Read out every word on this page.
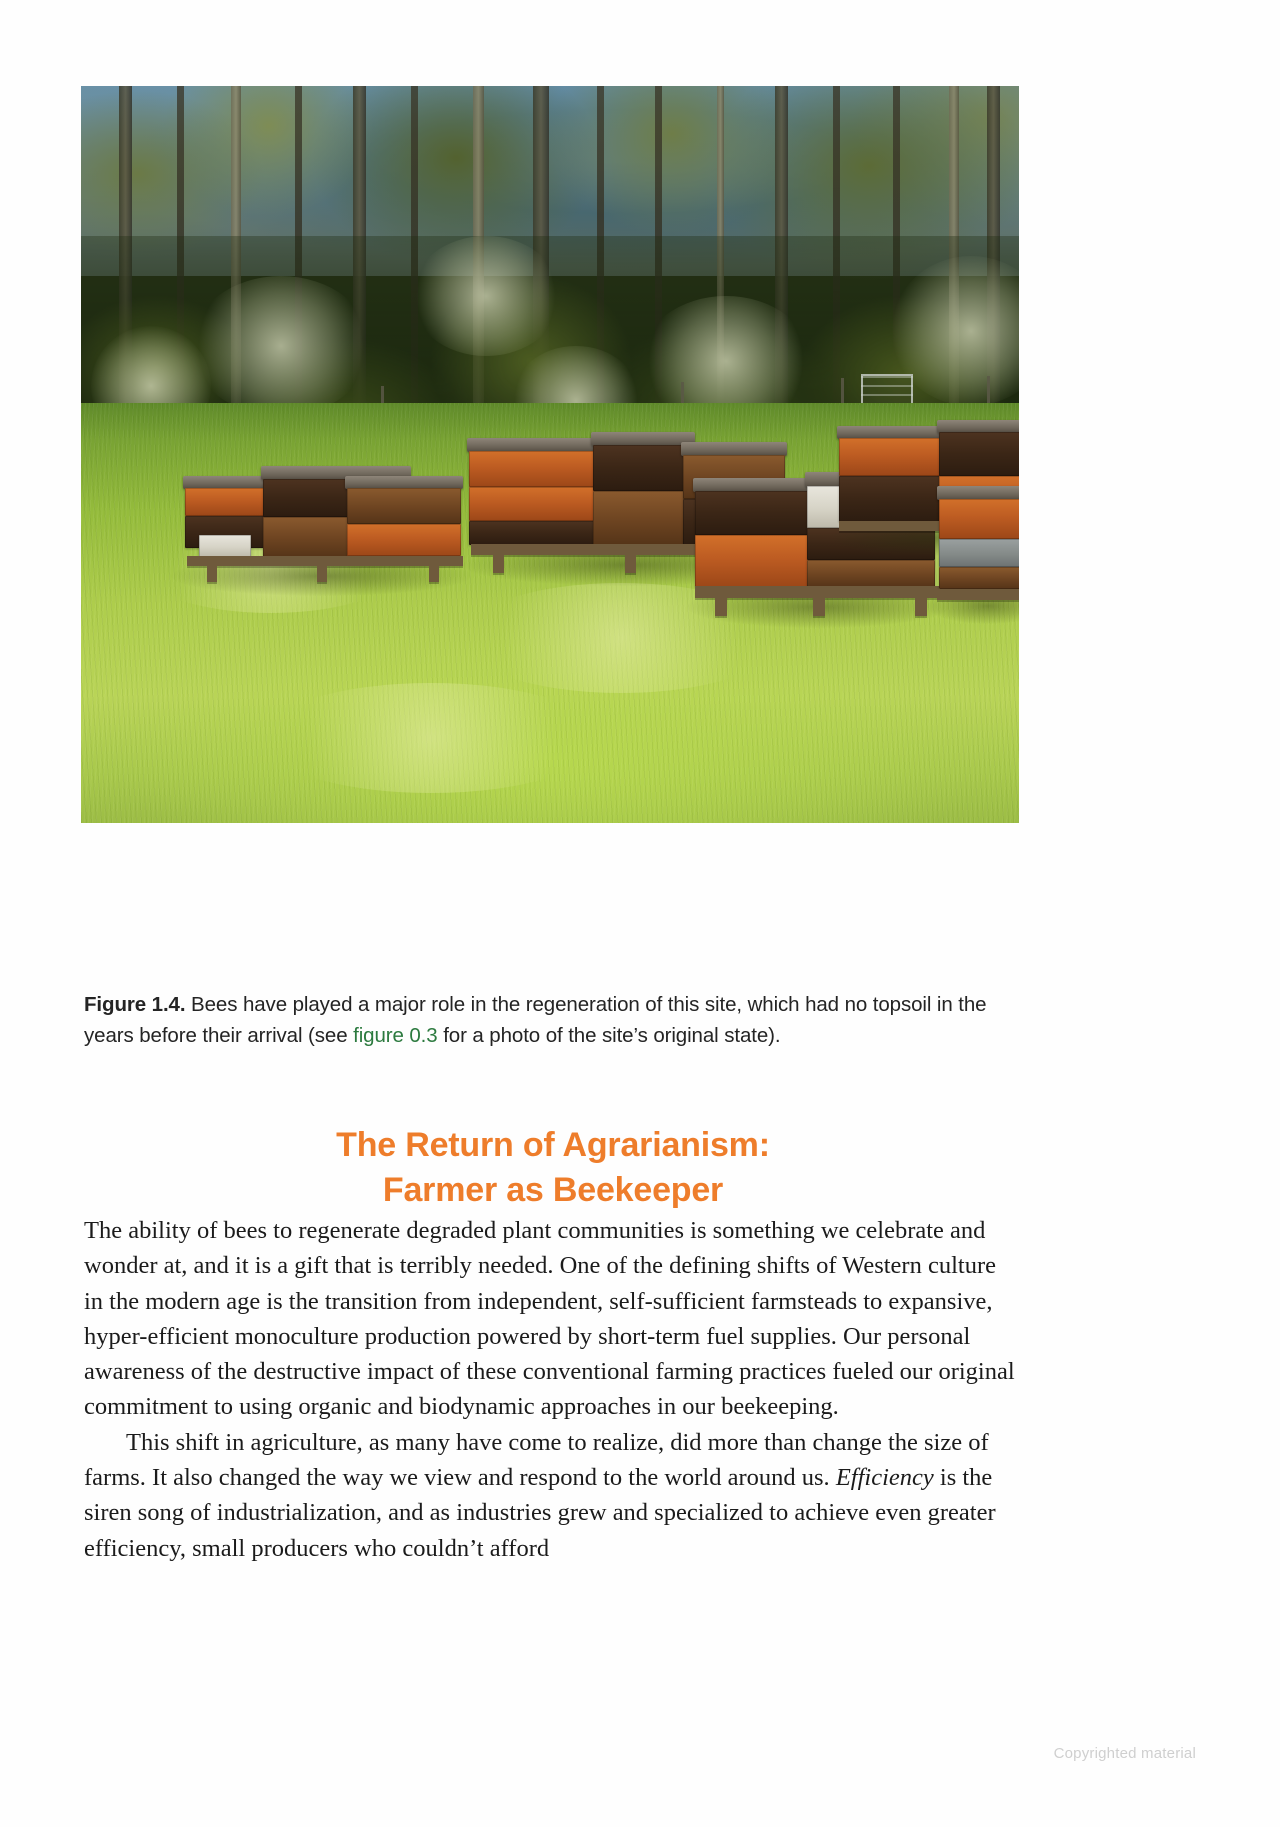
Figure 1.4. Bees have played a major role in the regeneration of this site, which had no topsoil in the years before their arrival (see figure 0.3 for a photo of the site’s original state).
The Return of Agrarianism:
Farmer as Beekeeper

The ability of bees to regenerate degraded plant communities is something we celebrate and wonder at, and it is a gift that is terribly needed. One of the defining shifts of Western culture in the modern age is the transition from independent, self-sufficient farmsteads to expansive, hyper-efficient monoculture production powered by short-term fuel supplies. Our personal awareness of the destructive impact of these conventional farming practices fueled our original commitment to using organic and biodynamic approaches in our beekeeping.

This shift in agriculture, as many have come to realize, did more than change the size of farms. It also changed the way we view and respond to the world around us. Efficiency is the siren song of industrialization, and as industries grew and specialized to achieve even greater efficiency, small producers who couldn’t afford

Copyrighted material
